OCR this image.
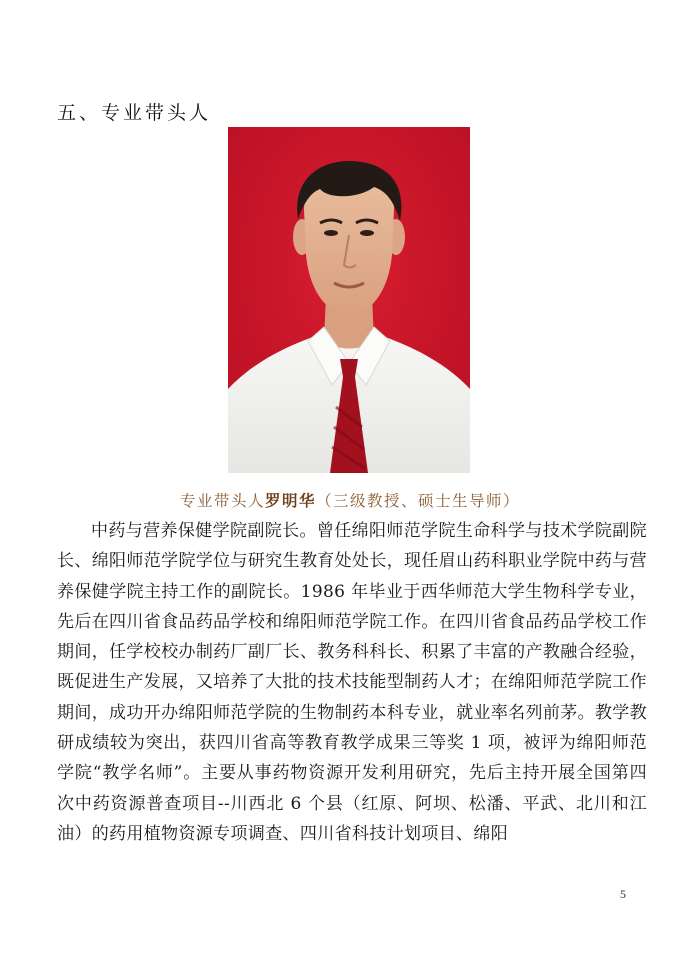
五、专业带头人
专业带头人罗明华（三级教授、硕士生导师）

中药与营养保健学院副院长。曾任绵阳师范学院生命科学与技术学院副院长、绵阳师范学院学位与研究生教育处处长，现任眉山药科职业学院中药与营养保健学院主持工作的副院长。1986 年毕业于西华师范大学生物科学专业，先后在四川省食品药品学校和绵阳师范学院工作。在四川省食品药品学校工作期间，任学校校办制药厂副厂长、教务科科长、积累了丰富的产教融合经验，既促进生产发展，又培养了大批的技术技能型制药人才；在绵阳师范学院工作期间，成功开办绵阳师范学院的生物制药本科专业，就业率名列前茅。教学教研成绩较为突出，获四川省高等教育教学成果三等奖 1 项，被评为绵阳师范学院“教学名师”。主要从事药物资源开发利用研究，先后主持开展全国第四次中药资源普查项目--川西北 6 个县（红原、阿坝、松潘、平武、北川和江油）的药用植物资源专项调查、四川省科技计划项目、绵阳

5
